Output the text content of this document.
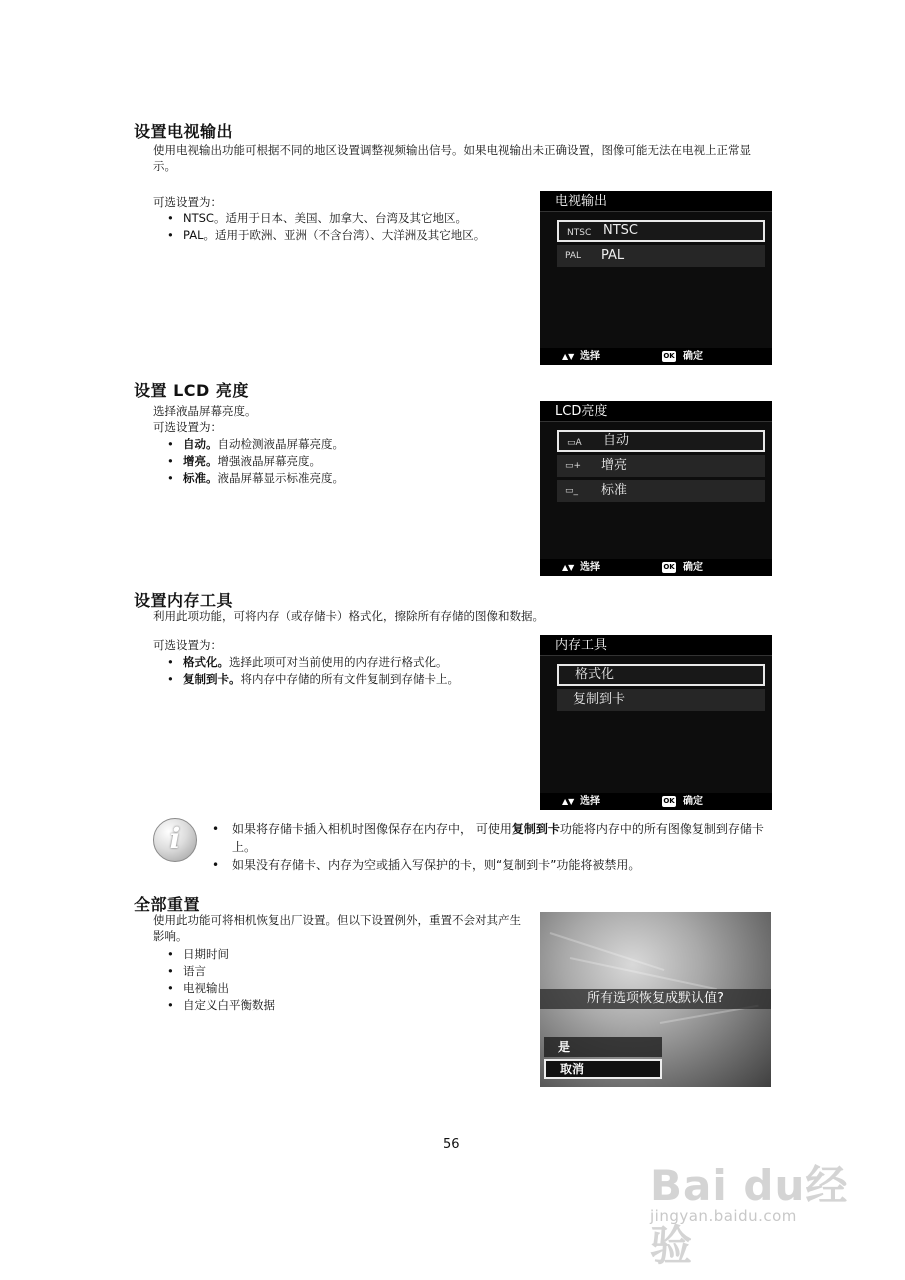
设置电视输出

使用电视输出功能可根据不同的地区设置调整视频输出信号。如果电视输出未正确设置，图像可能无法在电视上正常显示。

可选设置为：

• NTSC。适用于日本、美国、加拿大、台湾及其它地区。
• PAL。适用于欧洲、亚洲（不含台湾）、大洋洲及其它地区。
电视输出
NTSC NTSC
PAL	PAL
▲▼ 选择	OK 确定
设置 LCD 亮度

选择液晶屏幕亮度。

可选设置为：

• 自动。自动检测液晶屏幕亮度。
• 增亮。增强液晶屏幕亮度。
• 标准。液晶屏幕显示标准亮度。
LCD亮度
▭A	自动
▭+	增亮
▭_	标准
▲▼ 选择	OK 确定
设置内存工具

利用此项功能，可将内存（或存储卡）格式化，擦除所有存储的图像和数据。

可选设置为：

• 格式化。选择此项可对当前使用的内存进行格式化。
• 复制到卡。将内存中存储的所有文件复制到存储卡上。
内存工具
格式化
复制到卡
▲▼ 选择	OK 确定
i
•	如果将存储卡插入相机时图像保存在内存中， 可使用复制到卡功能将内存中的所有图像复制到存储卡上。
• 如果没有存储卡、内存为空或插入写保护的卡，则“复制到卡”功能将被禁用。
全部重置

使用此功能可将相机恢复出厂设置。但以下设置例外，重置不会对其产生影响。

• 日期时间
• 语言
• 电视输出
• 自定义白平衡数据	所有选项恢复成默认值?
是
取消
56
Bai du经验
jingyan.baidu.com
